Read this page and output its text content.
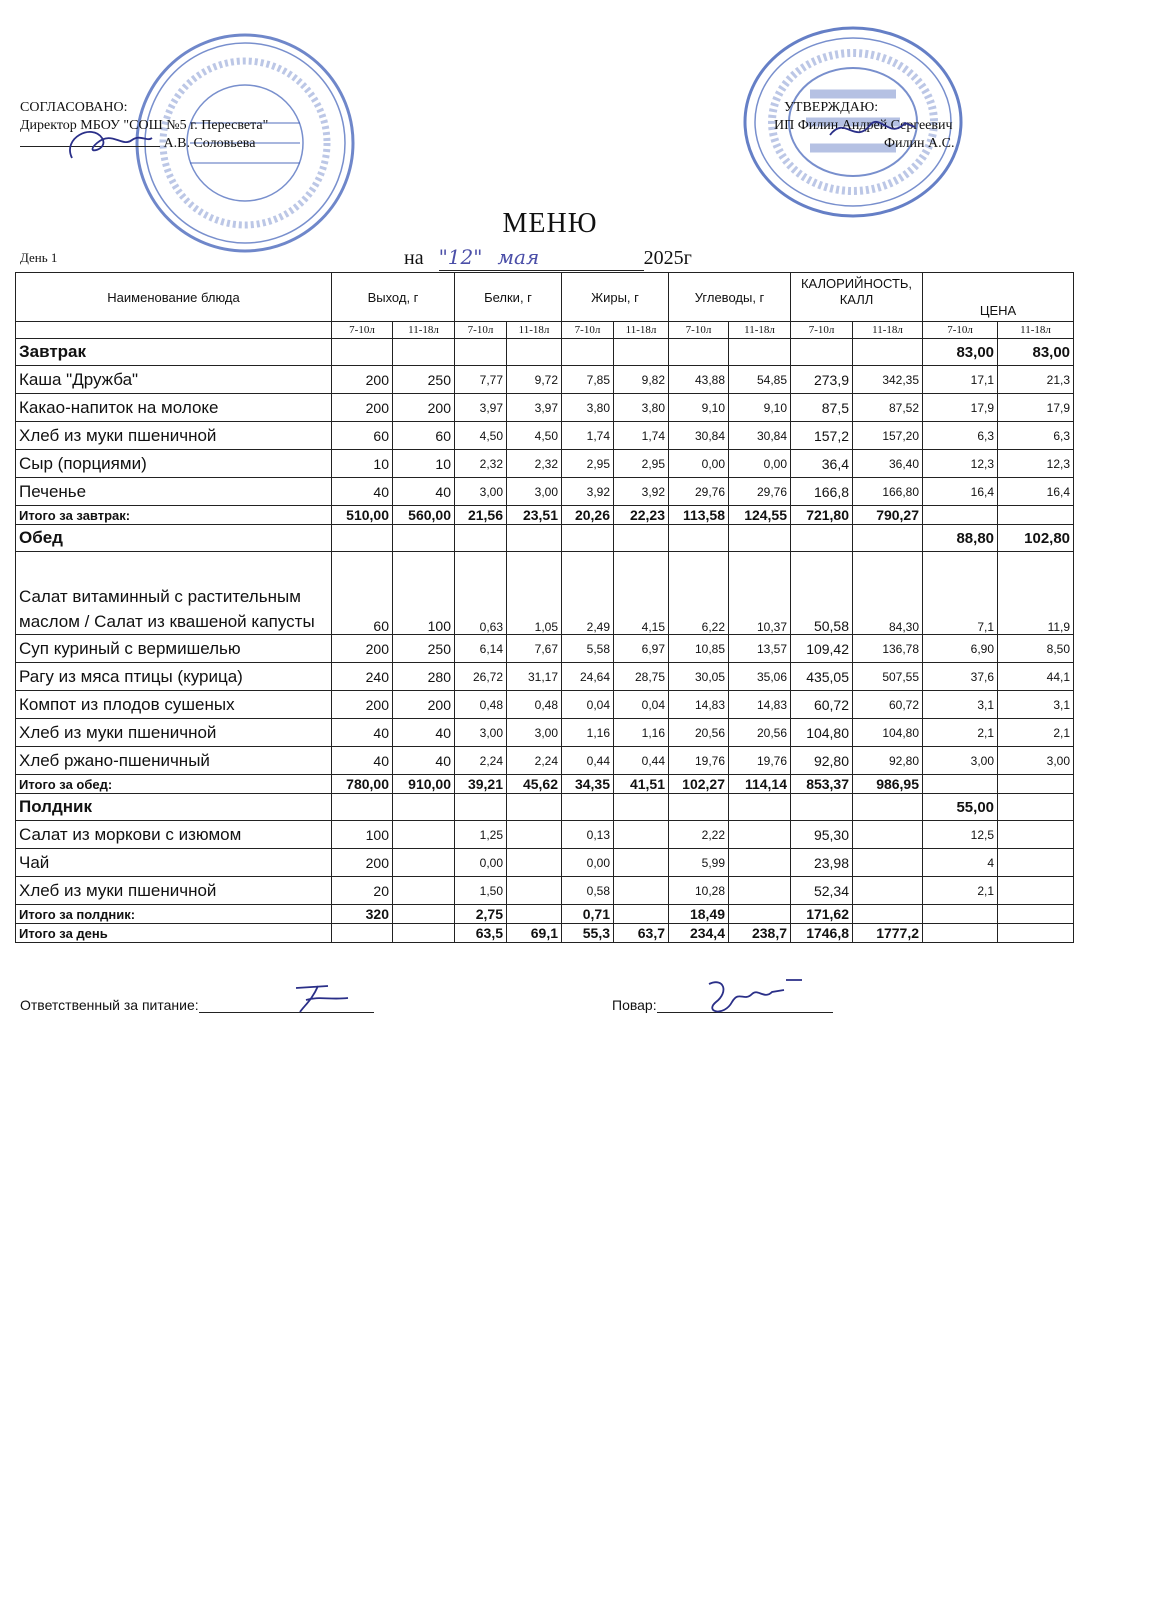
СОГЛАСОВАНО:
Директор МБОУ "СОШ №5 г. Пересвета"
А.В. Соловьева
УТВЕРЖДАЮ:
ИП Филин Андрей Сергеевич
Филин А.С.
МЕНЮ
День 1	на "12" мая	2025г
Наименование блюда	Выход, г		Белки, г		Жиры, г		Углеводы, г		КАЛОРИЙНОСТЬ, КАЛЛ		ЦЕНА	
	7-10л	11-18л	7-10л	11-18л	7-10л	11-18л	7-10л	11-18л	7-10л	11-18л	7-10л	11-18л
Завтрак											83,00	83,00
Каша "Дружба"	200	250	7,77	9,72	7,85	9,82	43,88	54,85	273,9	342,35	17,1	21,3
Какао-напиток на молоке	200	200	3,97	3,97	3,80	3,80	9,10	9,10	87,5	87,52	17,9	17,9
Хлеб из муки пшеничной	60	60	4,50	4,50	1,74	1,74	30,84	30,84	157,2	157,20	6,3	6,3
Сыр (порциями)	10	10	2,32	2,32	2,95	2,95	0,00	0,00	36,4	36,40	12,3	12,3
Печенье	40	40	3,00	3,00	3,92	3,92	29,76	29,76	166,8	166,80	16,4	16,4
Итого за завтрак:	510,00	560,00	21,56	23,51	20,26	22,23	113,58	124,55	721,80	790,27		
Обед											88,80	102,80
Салат витаминный с растительным маслом / Салат из квашеной капусты	60	100	0,63	1,05	2,49	4,15	6,22	10,37	50,58	84,30	7,1	11,9
Суп куриный с вермишелью	200	250	6,14	7,67	5,58	6,97	10,85	13,57	109,42	136,78	6,90	8,50
Рагу из мяса птицы (курица)	240	280	26,72	31,17	24,64	28,75	30,05	35,06	435,05	507,55	37,6	44,1
Компот из плодов сушеных	200	200	0,48	0,48	0,04	0,04	14,83	14,83	60,72	60,72	3,1	3,1
Хлеб из муки пшеничной	40	40	3,00	3,00	1,16	1,16	20,56	20,56	104,80	104,80	2,1	2,1
Хлеб ржано-пшеничный	40	40	2,24	2,24	0,44	0,44	19,76	19,76	92,80	92,80	3,00	3,00
Итого за обед:	780,00	910,00	39,21	45,62	34,35	41,51	102,27	114,14	853,37	986,95		
Полдник											55,00	
Салат из моркови с изюмом	100		1,25		0,13		2,22		95,30		12,5	
Чай	200		0,00		0,00		5,99		23,98		4	
Хлеб из муки пшеничной	20		1,50		0,58		10,28		52,34		2,1	
Итого за полдник:	320		2,75		0,71		18,49		171,62			
Итого за день			63,5	69,1	55,3	63,7	234,4	238,7	1746,8	1777,2		
Ответственный за питание:	Повар:
